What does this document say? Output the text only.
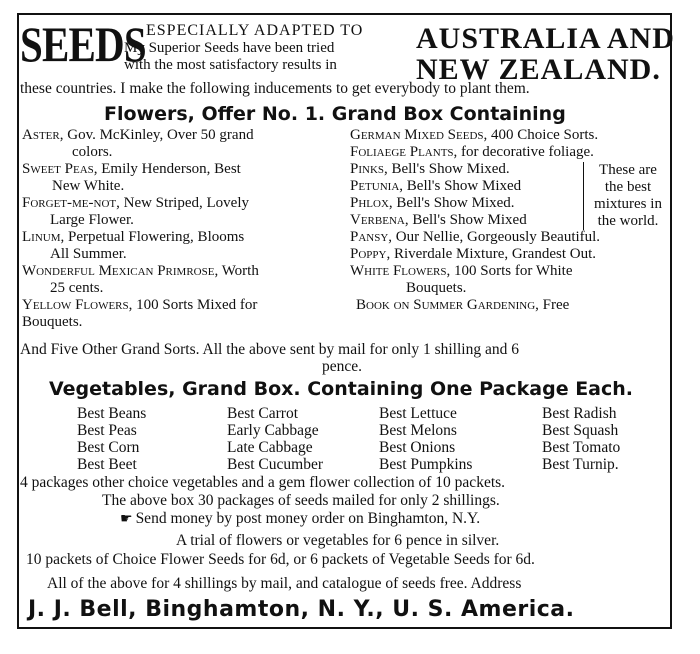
SEEDS ESPECIALLY ADAPTED TO
My Superior Seeds have been tried
with the most satisfactory results in
AUSTRALIA AND
NEW ZEALAND.
these countries. I make the following inducements to get everybody to plant them.
Flowers, Offer No. 1. Grand Box Containing
Aster, Gov. McKinley, Over 50 grand
colors.
Sweet Peas, Emily Henderson, Best
New White.
Forget-me-not, New Striped, Lovely
Large Flower.
Linum, Perpetual Flowering, Blooms
All Summer.
Wonderful Mexican Primrose, Worth
25 cents.
Yellow Flowers, 100 Sorts Mixed for
Bouquets.
German Mixed Seeds, 400 Choice Sorts.
Foliaege Plants, for decorative foliage.
Pinks, Bell's Show Mixed.
Petunia, Bell's Show Mixed
Phlox, Bell's Show Mixed.
Verbena, Bell's Show Mixed
Pansy, Our Nellie, Gorgeously Beautiful.
Poppy, Riverdale Mixture, Grandest Out.
White Flowers, 100 Sorts for White
Bouquets.
Book on Summer Gardening, Free
These are
the best
mixtures in
the world.
And Five Other Grand Sorts. All the above sent by mail for only 1 shilling and 6
pence.
Vegetables, Grand Box. Containing One Package Each.
Best Beans
Best Peas
Best Corn
Best Beet
Best Carrot
Early Cabbage
Late Cabbage
Best Cucumber
Best Lettuce
Best Melons
Best Onions
Best Pumpkins
Best Radish
Best Squash
Best Tomato
Best Turnip.
4 packages other choice vegetables and a gem flower collection of 10 packets.
The above box 30 packages of seeds mailed for only 2 shillings.
☛ Send money by post money order on Binghamton, N.Y.
A trial of flowers or vegetables for 6 pence in silver.
10 packets of Choice Flower Seeds for 6d, or 6 packets of Vegetable Seeds for 6d.
All of the above for 4 shillings by mail, and catalogue of seeds free. Address
J. J. Bell, Binghamton, N. Y., U. S. America.
